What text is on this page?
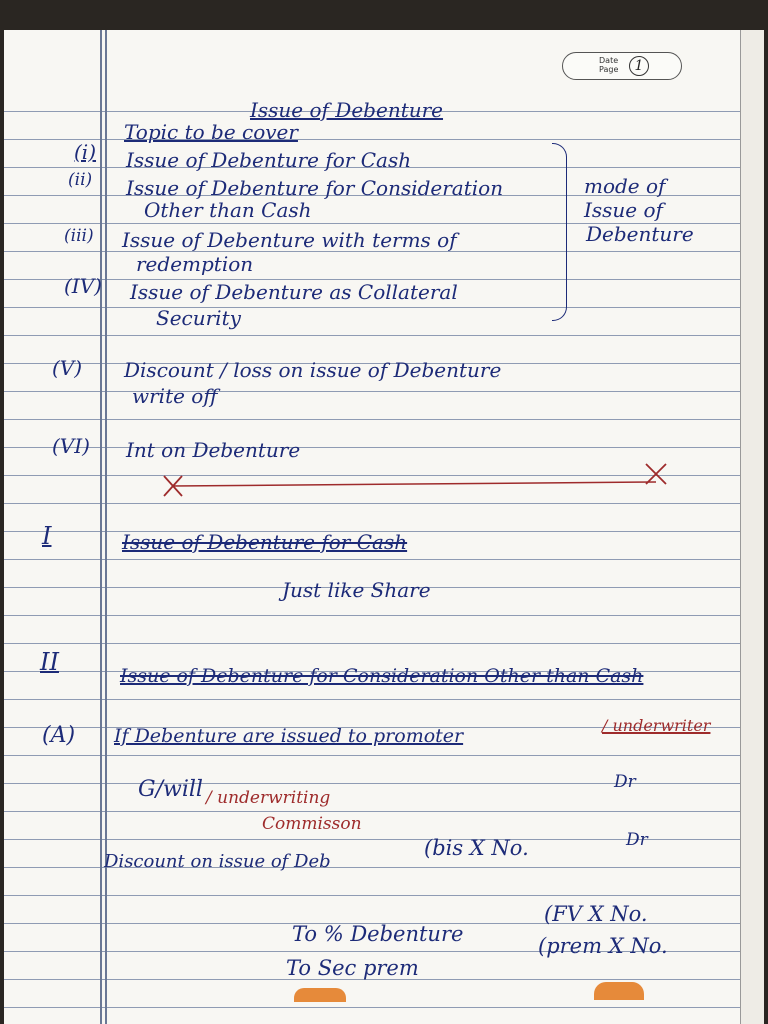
Date
Page	1
Issue of Debenture
Topic to be cover
(i) Issue of Debenture for Cash
(ii) Issue of Debenture for Consideration
Other than Cash
(iii) Issue of Debenture with terms of
redemption
(IV) Issue of Debenture as Collateral
Security
mode of
Issue of
Debenture
(V) Discount / loss on issue of Debenture
write off
(VI) Int on Debenture
I	Issue of Debenture for Cash
Just like Share
II	Issue of Debenture for Consideration Other than Cash
(A) If Debenture are issued to promoter	/ underwriter
G/will / underwriting
Commisson
Dr
Discount on issue of Deb
(bis X No.	Dr
To % Debenture
(FV X No.
To Sec prem
(prem X No.
